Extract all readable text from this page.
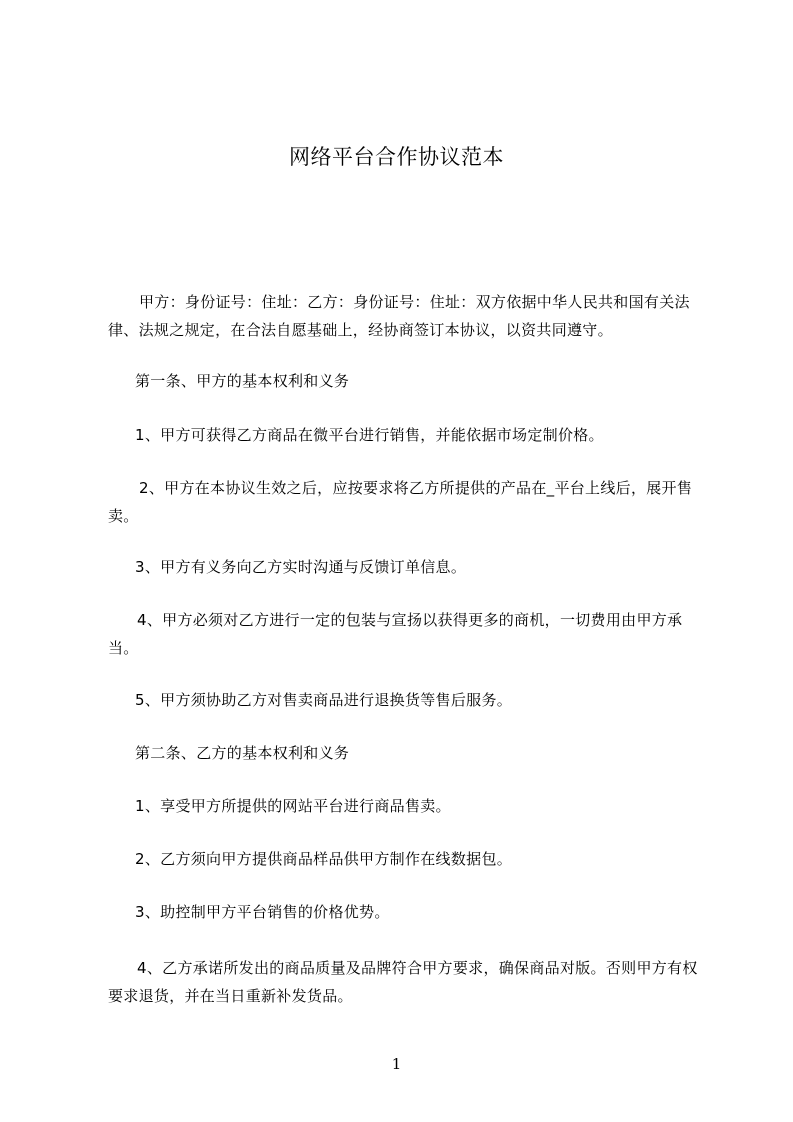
网络平台合作协议范本

甲方：身份证号：住址：乙方：身份证号：住址：双方依据中华人民共和国有关法律、法规之规定，在合法自愿基础上，经协商签订本协议，以资共同遵守。

第一条、甲方的基本权利和义务

1、甲方可获得乙方商品在微平台进行销售，并能依据市场定制价格。

2、甲方在本协议生效之后，应按要求将乙方所提供的产品在_平台上线后，展开售卖。

3、甲方有义务向乙方实时沟通与反馈订单信息。

4、甲方必须对乙方进行一定的包装与宣扬以获得更多的商机，一切费用由甲方承当。

5、甲方须协助乙方对售卖商品进行退换货等售后服务。

第二条、乙方的基本权利和义务

1、享受甲方所提供的网站平台进行商品售卖。

2、乙方须向甲方提供商品样品供甲方制作在线数据包。

3、助控制甲方平台销售的价格优势。

4、乙方承诺所发出的商品质量及品牌符合甲方要求，确保商品对版。否则甲方有权要求退货，并在当日重新补发货品。

1
